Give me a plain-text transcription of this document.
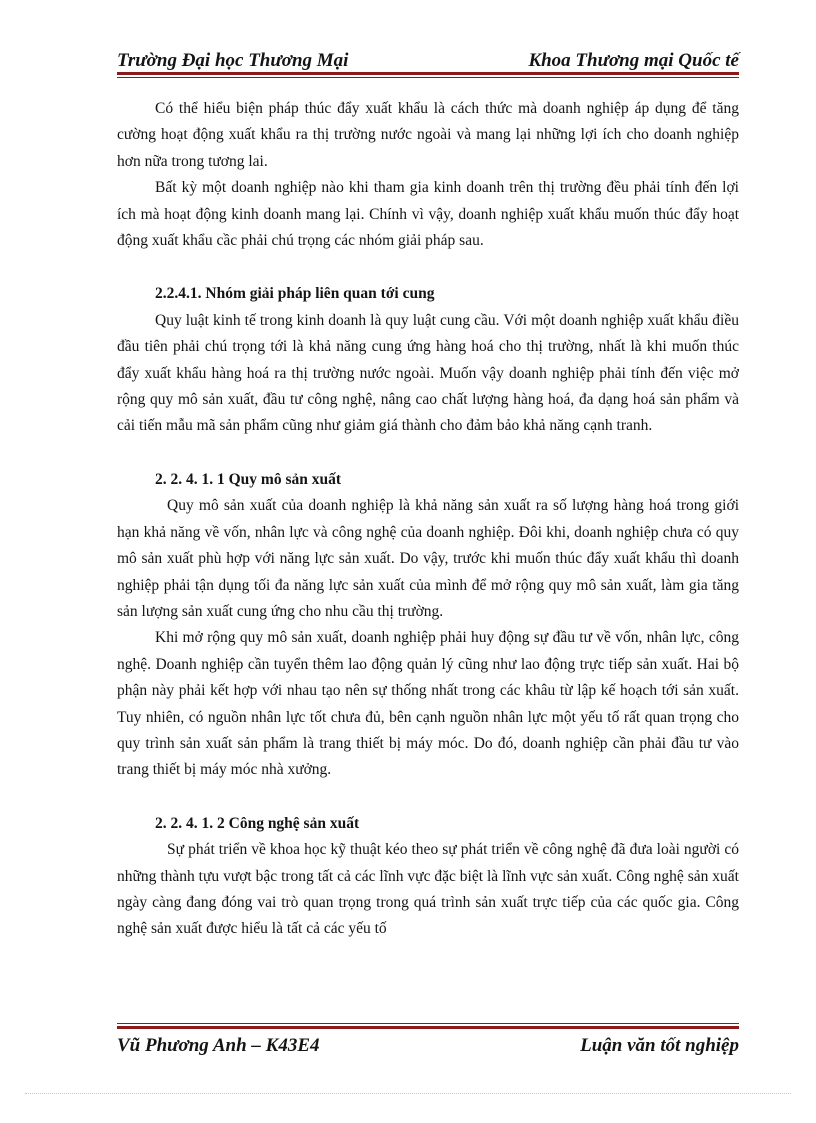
Trường Đại học Thương Mại	Khoa Thương mại Quốc tế

Có thể hiểu biện pháp thúc đẩy xuất khẩu là cách thức mà doanh nghiệp áp dụng để tăng cường hoạt động xuất khẩu ra thị trường nước ngoài và mang lại những lợi ích cho doanh nghiệp hơn nữa trong tương lai.

Bất kỳ một doanh nghiệp nào khi tham gia kinh doanh trên thị trường đều phải tính đến lợi ích mà hoạt động kinh doanh mang lại. Chính vì vậy, doanh nghiệp xuất khẩu muốn thúc đẩy hoạt động xuất khẩu cầc phải chú trọng các nhóm giải pháp sau.

2.2.4.1. Nhóm giải pháp liên quan tới cung

Quy luật kinh tế trong kinh doanh là quy luật cung cầu. Với một doanh nghiệp xuất khẩu điều đầu tiên phải chú trọng tới là khả năng cung ứng hàng hoá cho thị trường, nhất là khi muốn thúc đẩy xuất khẩu hàng hoá ra thị trường nước ngoài. Muốn vậy doanh nghiệp phải tính đến việc mở rộng quy mô sản xuất, đầu tư công nghệ, nâng cao chất lượng hàng hoá, đa dạng hoá sản phẩm và cải tiến mẫu mã sản phẩm cũng như giảm giá thành cho đảm bảo khả năng cạnh tranh.

2. 2. 4. 1. 1 Quy mô sản xuất

Quy mô sản xuất của doanh nghiệp là khả năng sản xuất ra số lượng hàng hoá trong giới hạn khả năng về vốn, nhân lực và công nghệ của doanh nghiệp. Đôi khi, doanh nghiệp chưa có quy mô sản xuất phù hợp với năng lực sản xuất. Do vậy, trước khi muốn thúc đẩy xuất khẩu thì doanh nghiệp phải tận dụng tối đa năng lực sản xuất của mình để mở rộng quy mô sản xuất, làm gia tăng sản lượng sản xuất cung ứng cho nhu cầu thị trường.

Khi mở rộng quy mô sản xuất, doanh nghiệp phải huy động sự đầu tư về vốn, nhân lực, công nghệ. Doanh nghiệp cần tuyển thêm lao động quản lý cũng như lao động trực tiếp sản xuất. Hai bộ phận này phải kết hợp với nhau tạo nên sự thống nhất trong các khâu từ lập kế hoạch tới sản xuất. Tuy nhiên, có nguồn nhân lực tốt chưa đủ, bên cạnh nguồn nhân lực một yếu tố rất quan trọng cho quy trình sản xuất sản phẩm là trang thiết bị máy móc. Do đó, doanh nghiệp cần phải đầu tư vào trang thiết bị máy móc nhà xưởng.

2. 2. 4. 1. 2 Công nghệ sản xuất

Sự phát triển về khoa học kỹ thuật kéo theo sự phát triển về công nghệ đã đưa loài người có những thành tựu vượt bậc trong tất cả các lĩnh vực đặc biệt là lĩnh vực sản xuất. Công nghệ sản xuất ngày càng đang đóng vai trò quan trọng trong quá trình sản xuất trực tiếp của các quốc gia. Công nghệ sản xuất được hiểu là tất cả các yếu tố

Vũ Phương Anh – K43E4	Luận văn tốt nghiệp
